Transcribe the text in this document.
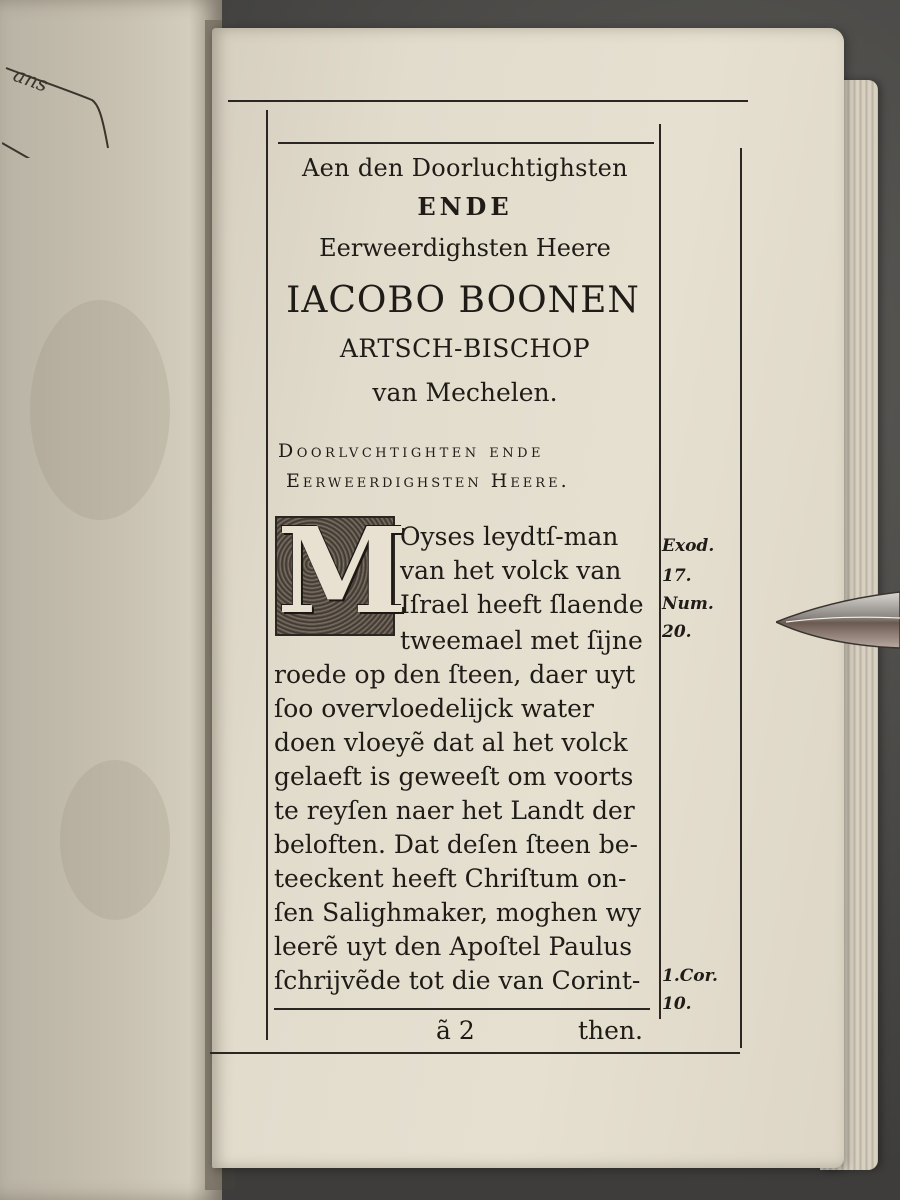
ans
Aen den Doorluchtighsten
ENDE
Eerweerdighsten Heere
IACOBO BOONEN
ARTSCH-BISCHOP
van Mechelen.
Doorlvchtighten ende
Eerweerdighsten Heere.
M
Oyses leydtſ-man
van het volck van
Iſrael heeft ſlaende
tweemael met ſijne
roede op den ſteen, daer uyt
ſoo overvloedelijck water
doen vloeyẽ dat al het volck
gelaeft is geweeſt om voorts
te reyſen naer het Landt der
beloften. Dat deſen ſteen be-
teeckent heeft Chriſtum on-
ſen Salighmaker, moghen wy
leerẽ uyt den Apoſtel Paulus
ſchrijvẽde tot die van Corint-
Exod.
17.
Num.
20.
1.Cor.
10.
ã 2	then.
